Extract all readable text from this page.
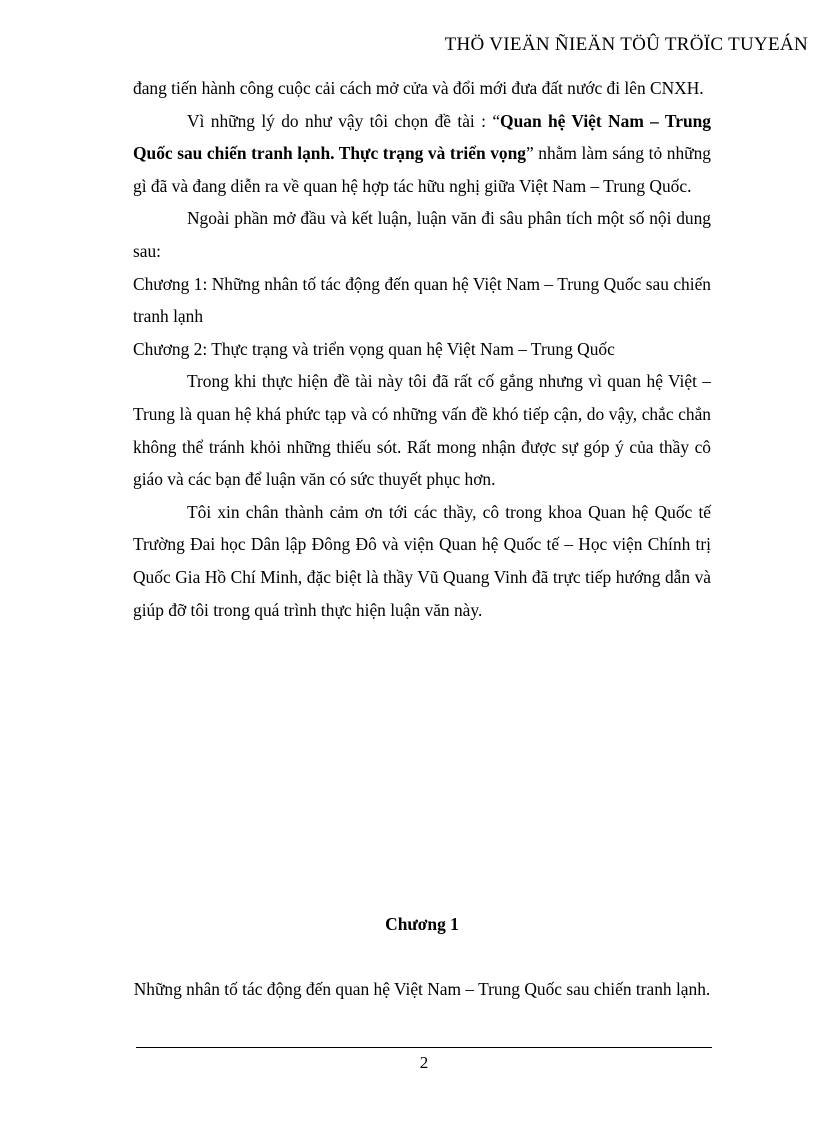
THÖ VIEÄN ÑIEÄN TÖÛ TRÖÏC TUYEÁN

đang tiến hành công cuộc cải cách mở cửa và đổi mới đưa đất nước đi lên CNXH.

Vì những lý do như vậy tôi chọn đề tài : “Quan hệ Việt Nam – Trung Quốc sau chiến tranh lạnh. Thực trạng và triển vọng” nhằm làm sáng tỏ những gì đã và đang diễn ra về quan hệ hợp tác hữu nghị giữa Việt Nam – Trung Quốc.

Ngoài phần mở đầu và kết luận, luận văn đi sâu phân tích một số nội dung sau:

Chương 1: Những nhân tố tác động đến quan hệ Việt Nam – Trung Quốc sau chiến tranh lạnh

Chương 2: Thực trạng và triển vọng quan hệ Việt Nam – Trung Quốc

Trong khi thực hiện đề tài này tôi đã rất cố gắng nhưng vì quan hệ Việt – Trung là quan hệ khá phức tạp và có những vấn đề khó tiếp cận, do vậy, chắc chắn không thể tránh khỏi những thiếu sót. Rất mong nhận được sự góp ý của thầy cô giáo và các bạn để luận văn có sức thuyết phục hơn.

Tôi xin chân thành cảm ơn tới các thầy, cô trong khoa Quan hệ Quốc tế Trường Đai học Dân lập Đông Đô và viện Quan hệ Quốc tế – Học viện Chính trị Quốc Gia Hồ Chí Minh, đặc biệt là thầy Vũ Quang Vinh đã trực tiếp hướng dẫn và giúp đỡ tôi trong quá trình thực hiện luận văn này.

Chương 1
Những nhân tố tác động đến quan hệ Việt Nam – Trung Quốc sau chiến tranh lạnh.
2
